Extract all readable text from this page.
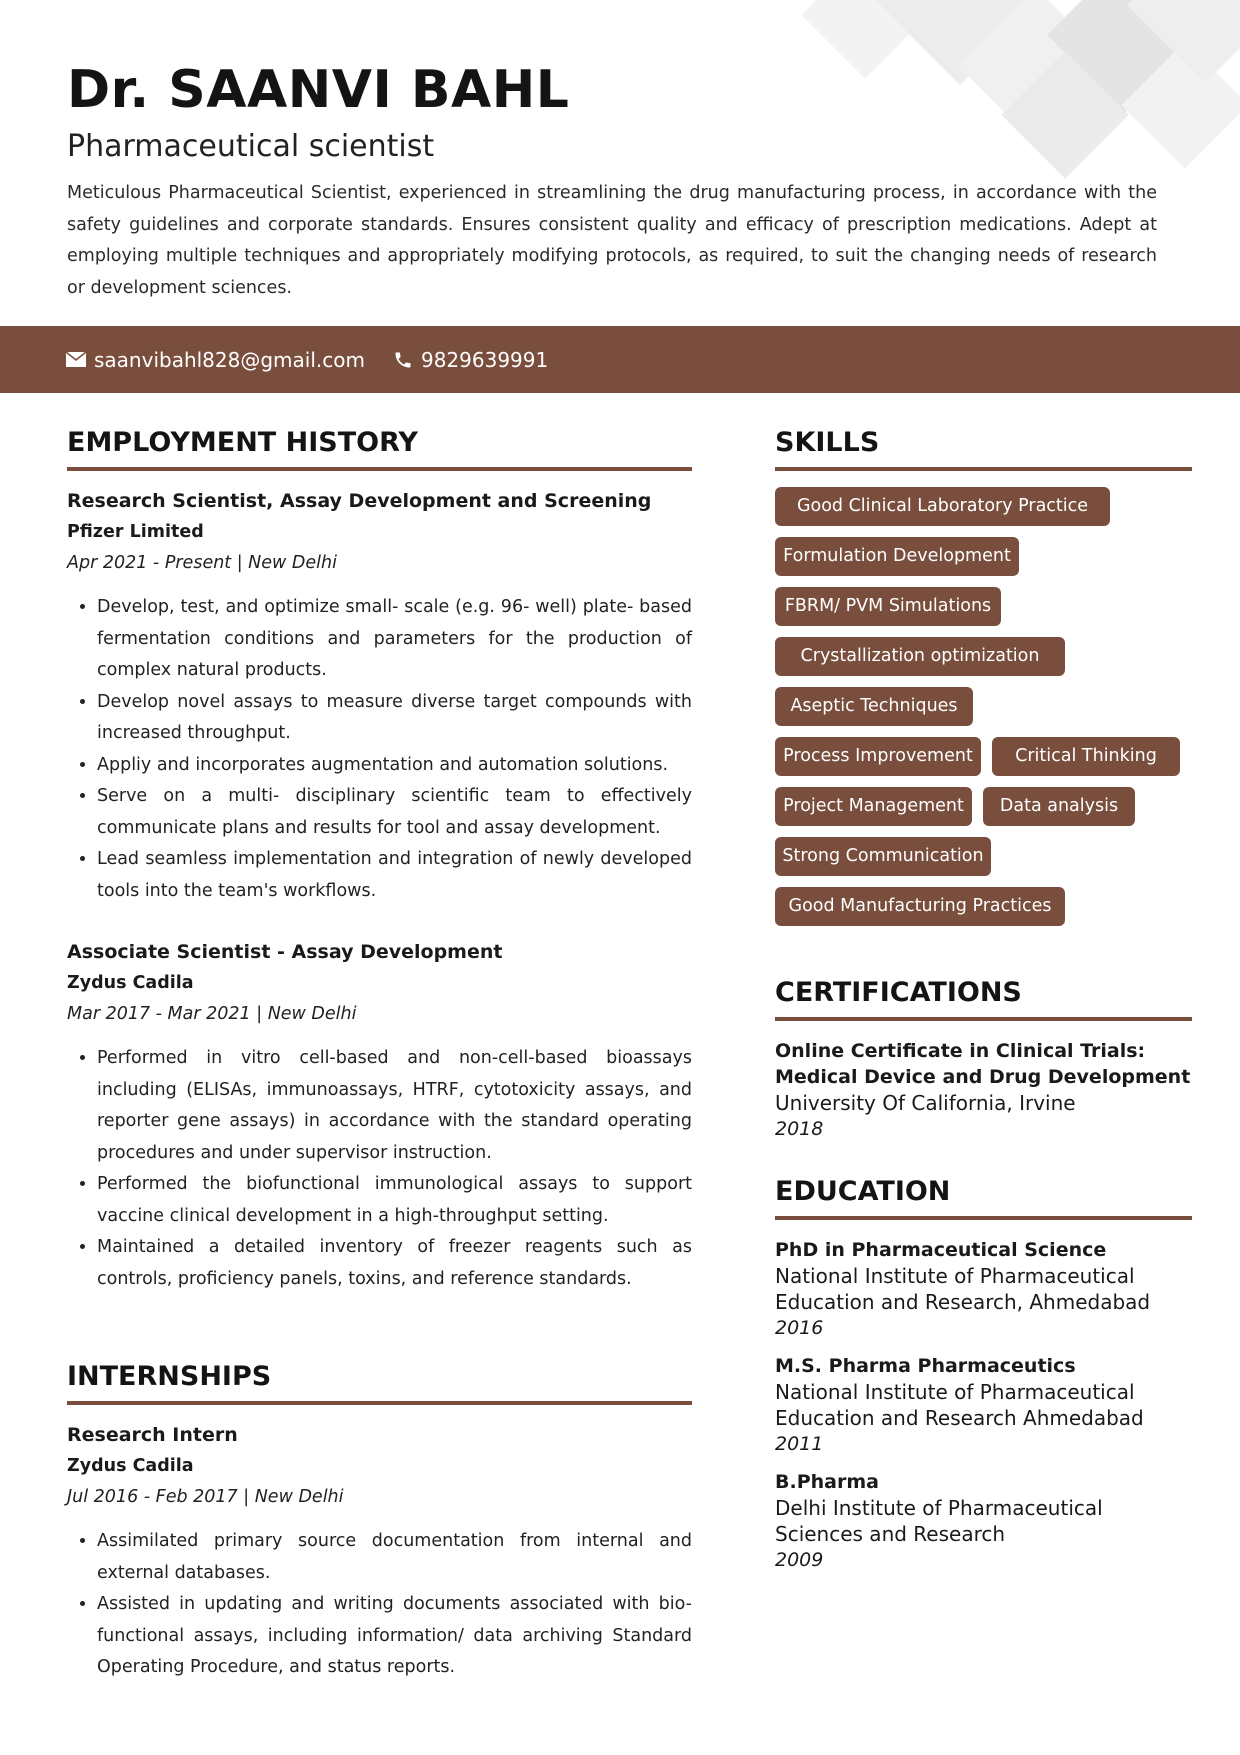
Dr. SAANVI BAHL
Pharmaceutical scientist

Meticulous Pharmaceutical Scientist, experienced in streamlining the drug manufacturing process, in accordance with the safety guidelines and corporate standards. Ensures consistent quality and efficacy of prescription medications. Adept at employing multiple techniques and appropriately modifying protocols, as required, to suit the changing needs of research or development sciences.

saanvibahl828@gmail.com	9829639991
EMPLOYMENT HISTORY
Research Scientist, Assay Development and Screening
Pfizer Limited
Apr 2021 - Present | New Delhi
• Develop, test, and optimize small- scale (e.g. 96- well) plate- based fermentation conditions and parameters for the production of complex natural products.
• Develop novel assays to measure diverse target compounds with increased throughput.
• Appliy and incorporates augmentation and automation solutions.
• Serve on a multi- disciplinary scientific team to effectively communicate plans and results for tool and assay development.
• Lead seamless implementation and integration of newly developed tools into the team's workflows.
Associate Scientist - Assay Development
Zydus Cadila
Mar 2017 - Mar 2021 | New Delhi
• Performed in vitro cell-based and non-cell-based bioassays including (ELISAs, immunoassays, HTRF, cytotoxicity assays, and reporter gene assays) in accordance with the standard operating procedures and under supervisor instruction.
• Performed the biofunctional immunological assays to support vaccine clinical development in a high-throughput setting.
• Maintained a detailed inventory of freezer reagents such as controls, proficiency panels, toxins, and reference standards.
INTERNSHIPS
Research Intern
Zydus Cadila
Jul 2016 - Feb 2017 | New Delhi
• Assimilated primary source documentation from internal and external databases.
• Assisted in updating and writing documents associated with bio-functional assays, including information/ data archiving Standard Operating Procedure, and status reports.
SKILLS
Good Clinical Laboratory Practice
Formulation Development
FBRM/ PVM Simulations
Crystallization optimization
Aseptic Techniques
Process Improvement	Critical Thinking
Project Management	Data analysis
Strong Communication
Good Manufacturing Practices
CERTIFICATIONS
Online Certificate in Clinical Trials: Medical Device and Drug Development
University Of California, Irvine
2018
EDUCATION
PhD in Pharmaceutical Science
National Institute of Pharmaceutical Education and Research, Ahmedabad
2016
M.S. Pharma Pharmaceutics
National Institute of Pharmaceutical Education and Research Ahmedabad
2011
B.Pharma
Delhi Institute of Pharmaceutical Sciences and Research
2009
